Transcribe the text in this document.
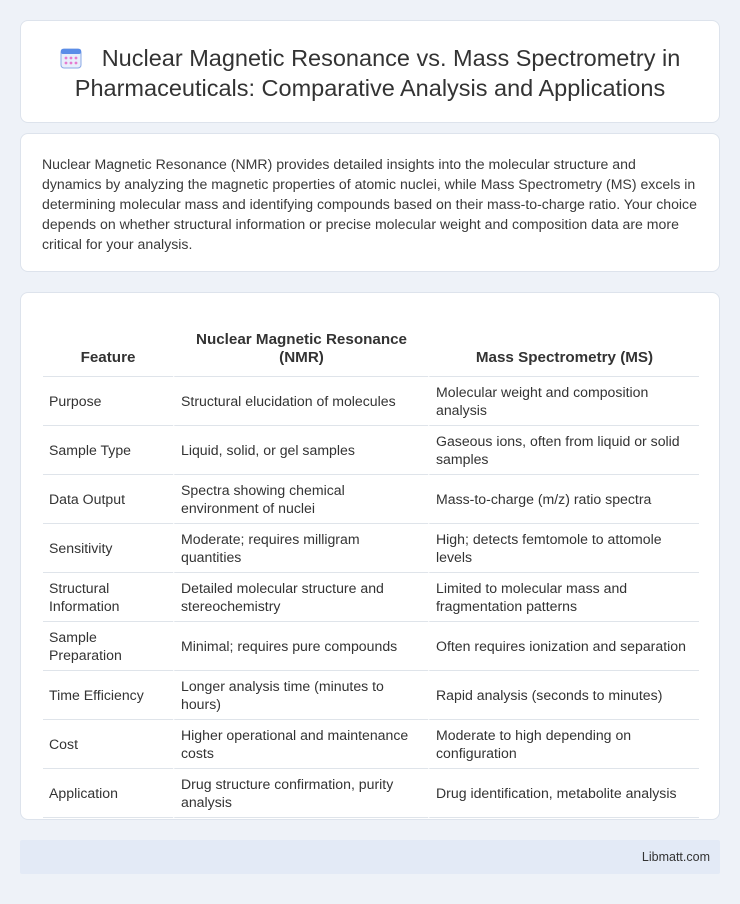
Nuclear Magnetic Resonance vs. Mass Spectrometry in Pharmaceuticals: Comparative Analysis and Applications

Nuclear Magnetic Resonance (NMR) provides detailed insights into the molecular structure and dynamics by analyzing the magnetic properties of atomic nuclei, while Mass Spectrometry (MS) excels in determining molecular mass and identifying compounds based on their mass-to-charge ratio. Your choice depends on whether structural information or precise molecular weight and composition data are more critical for your analysis.

Feature	Nuclear Magnetic Resonance (NMR)	Mass Spectrometry (MS)
Purpose	Structural elucidation of molecules	Molecular weight and composition analysis
Sample Type	Liquid, solid, or gel samples	Gaseous ions, often from liquid or solid samples
Data Output	Spectra showing chemical environment of nuclei	Mass-to-charge (m/z) ratio spectra
Sensitivity	Moderate; requires milligram quantities	High; detects femtomole to attomole levels
Structural Information	Detailed molecular structure and stereochemistry	Limited to molecular mass and fragmentation patterns
Sample Preparation	Minimal; requires pure compounds	Often requires ionization and separation
Time Efficiency	Longer analysis time (minutes to hours)	Rapid analysis (seconds to minutes)
Cost	Higher operational and maintenance costs	Moderate to high depending on configuration
Application	Drug structure confirmation, purity analysis	Drug identification, metabolite analysis
Libmatt.com
